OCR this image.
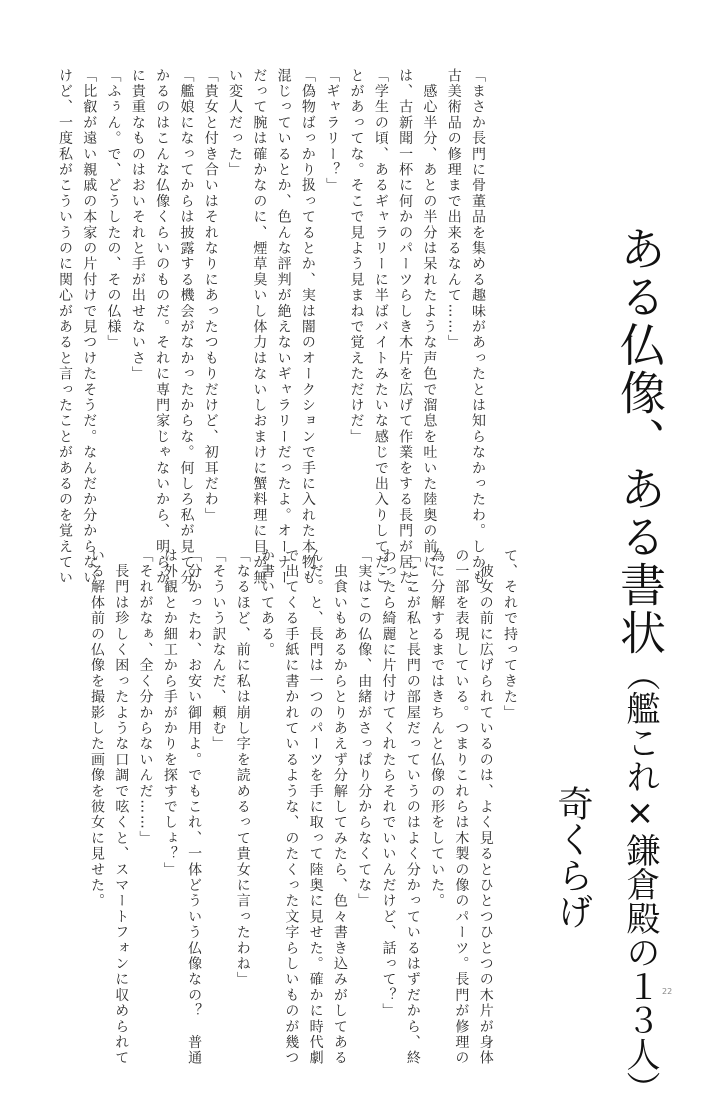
ある仏像、ある書状（艦これ×鎌倉殿の１３人）
奇くらげ
「まさか長門に骨董品を集める趣味があったとは知らなかったわ。しかも
古美術品の修理まで出来るなんて……」
　感心半分、あとの半分は呆れたような声色で溜息を吐いた陸奥の前に
は、古新聞一杯に何かのパーツらしき木片を広げて作業をする長門が居た。
「学生の頃、あるギャラリーに半ばバイトみたいな感じで出入りしてたこ
とがあってな。そこで見よう見まねで覚えただけだ」
「ギャラリー？」
「偽物ばっかり扱ってるとか、実は闇のオークションで手に入れた本物も
混じっているとか、色んな評判が絶えないギャラリーだったよ。オーナー
だって腕は確かなのに、煙草臭いし体力はないしおまけに蟹料理に目が無
い変人だった」
「貴女と付き合いはそれなりにあったつもりだけど、初耳だわ」
「艦娘になってからは披露する機会がなかったからな。何しろ私が見て分
かるのはこんな仏像くらいのものだ。それに専門家じゃないから、明らか
に貴重なものはおいそれと手が出せないさ」
「ふぅん。で、どうしたの、その仏様」
「比叡が遠い親戚の本家の片付けで見つけたそうだ。なんだか分からない
けど、一度私がこういうのに関心があると言ったことがあるのを覚えてい
て、それで持ってきた」
　彼女の前に広げられているのは、よく見るとひとつひとつの木片が身体
の一部を表現している。つまりこれらは木製の像のパーツ。長門が修理の
為に分解するまではきちんと仏像の形をしていた。
「ここが私と長門の部屋だっていうのはよく分かっているはずだから、終
わったら綺麗に片付けてくれたらそれでいいんだけど、話って？」
「実はこの仏像、由緒がさっぱり分からなくてな」
　虫食いもあるからとりあえず分解してみたら、色々書き込みがしてある
んだ。と、長門は一つのパーツを手に取って陸奥に見せた。確かに時代劇
で出てくる手紙に書かれているような、のたくった文字らしいものが幾つ
か書いてある。
「なるほど、前に私は崩し字を読めるって貴女に言ったわね」
「そういう訳なんだ、頼む」
「分かったわ、お安い御用よ。でもこれ、一体どういう仏像なの？　普通
は外観とか細工から手がかりを探すでしょ？」
「それがなぁ、全く分からないんだ……」
　長門は珍しく困ったような口調で呟くと、スマートフォンに収められて
いる解体前の仏像を撮影した画像を彼女に見せた。
22
